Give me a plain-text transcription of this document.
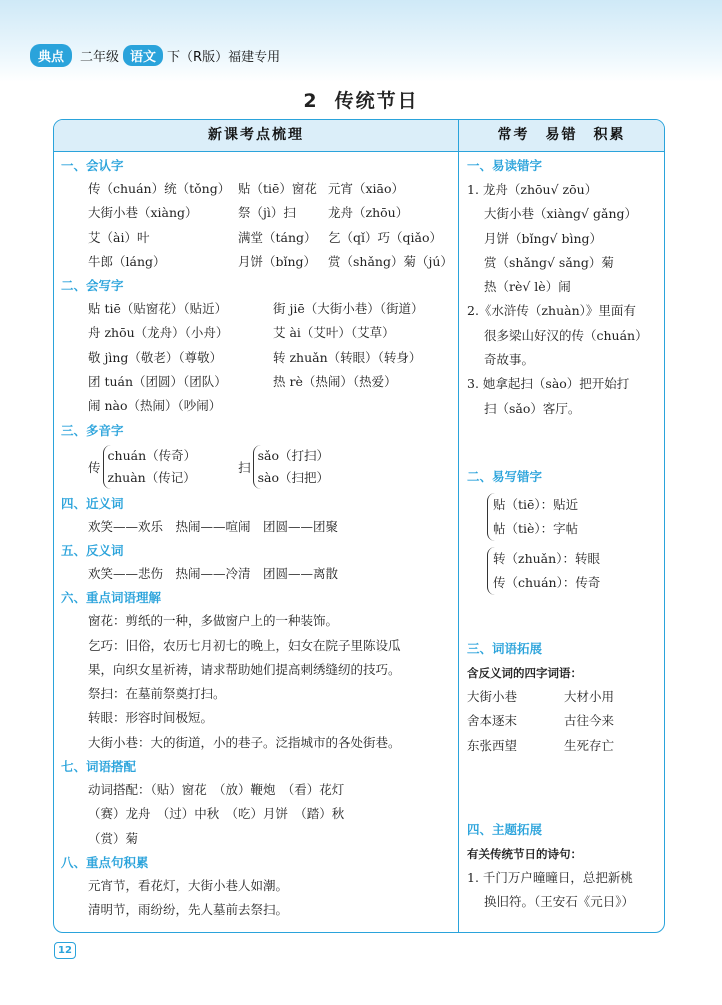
典点	二年级 语文 下（R版）福建专用
2 传统节日
新课考点梳理
一、会认字
传（chuán）统（tǒng） 贴（tiē）窗花 元宵（xiāo）
大街小巷（xiàng）	祭（jì）扫	龙舟（zhōu）
艾（ài）叶	满堂（táng） 乞（qǐ）巧（qiǎo）
牛郎（láng）	月饼（bǐng） 赏（shǎng）菊（jú）
二、会写字
贴 tiē（贴窗花）（贴近）	街 jiē（大街小巷）（街道）
舟 zhōu（龙舟）（小舟）	艾 ài（艾叶）（艾草）
敬 jìng（敬老）（尊敬）	转 zhuǎn（转眼）（转身）
团 tuán（团圆）（团队）	热 rè（热闹）（热爱）
闹 nào（热闹）（吵闹）
三、多音字
传
chuán（传奇）
zhuàn（传记）
扫
sǎo（打扫）
sào（扫把）
四、近义词
欢笑——欢乐　热闹——喧闹　团圆——团聚
五、反义词
欢笑——悲伤　热闹——冷清　团圆——离散
六、重点词语理解
窗花：剪纸的一种，多做窗户上的一种装饰。
乞巧：旧俗，农历七月初七的晚上，妇女在院子里陈设瓜
果，向织女星祈祷，请求帮助她们提高刺绣缝纫的技巧。
祭扫：在墓前祭奠打扫。
转眼：形容时间极短。
大街小巷：大的街道，小的巷子。泛指城市的各处街巷。
七、词语搭配
动词搭配：（贴）窗花　（放）鞭炮　（看）花灯
（赛）龙舟　（过）中秋　（吃）月饼　（踏）秋
（赏）菊
八、重点句积累
元宵节，看花灯，大街小巷人如潮。
清明节，雨纷纷，先人墓前去祭扫。
常考　易错　积累
一、易读错字
1. 龙舟（zhōu√ zōu）
大街小巷（xiàng√ gǎng）
月饼（bǐng√ bìng）
赏（shǎng√ sǎng）菊
热（rè√ lè）闹
2.《水浒传（zhuàn）》里面有
很多梁山好汉的传（chuán）
奇故事。
3. 她拿起扫（sào）把开始打
扫（sǎo）客厅。
二、易写错字
贴（tiē）：贴近
帖（tiè）：字帖
转（zhuǎn）：转眼
传（chuán）：传奇
三、词语拓展
含反义词的四字词语：
大街小巷	大材小用
舍本逐末	古往今来
东张西望	生死存亡
四、主题拓展
有关传统节日的诗句：
1. 千门万户曈曈日，总把新桃
换旧符。（王安石《元日》）
12
